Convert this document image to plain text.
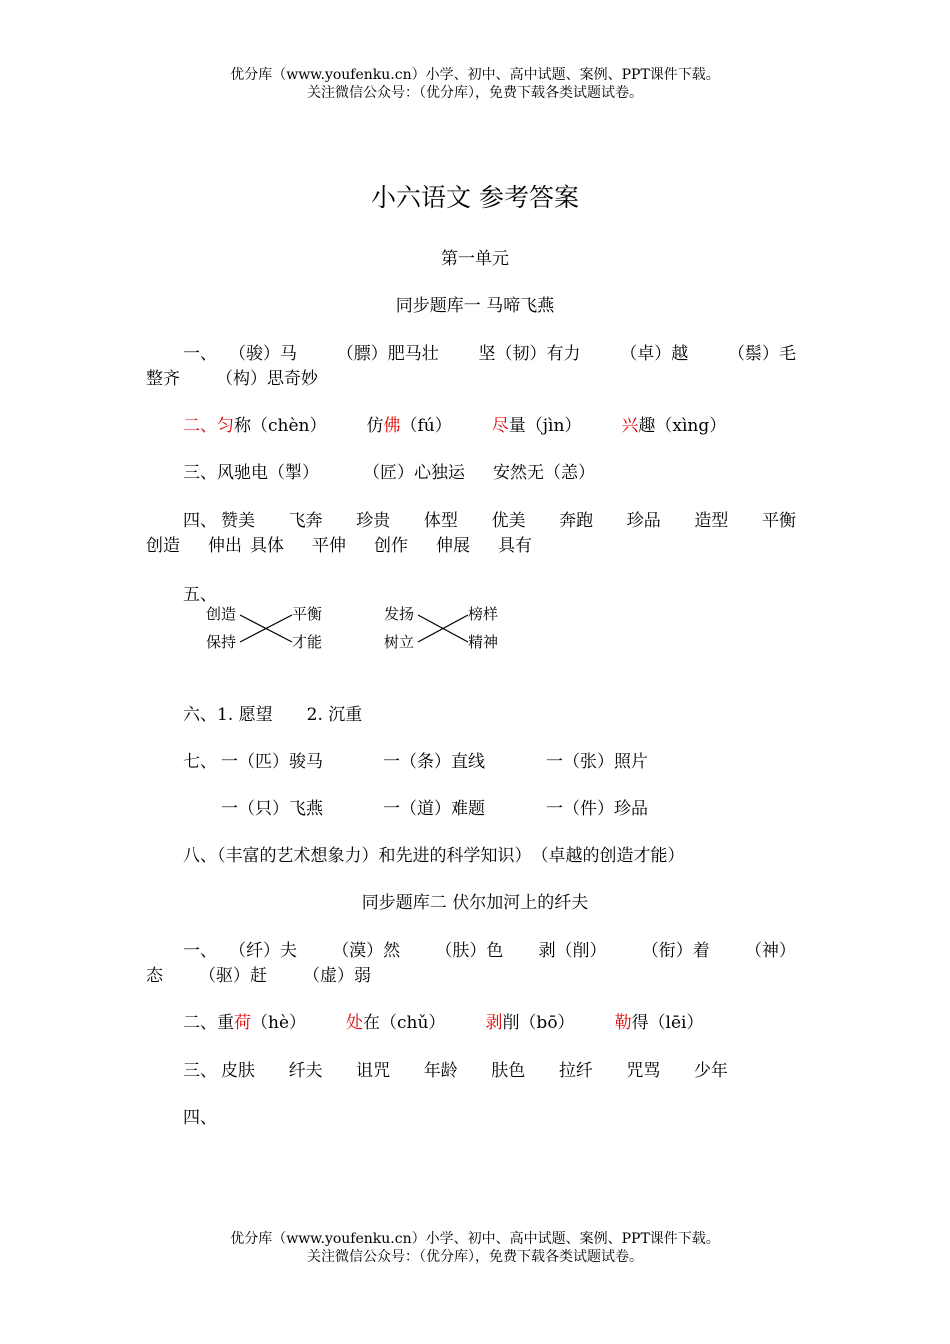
优分库（www.youfenku.cn）小学、初中、高中试题、案例、PPT课件下载。
关注微信公众号：（优分库），免费下载各类试题试卷。
小六语文 参考答案
第一单元
同步题库一 马啼飞燕
一、 （骏）马 （膘）肥马壮 坚（韧）有力 （卓）越 （鬃）毛
整齐 （构）思奇妙
二、匀称（chèn） 仿佛（fú） 尽量（jìn） 兴趣（xìng）
三、风驰电（掣）	（匠）心独运 安然无（恙）
四、 赞美 飞奔 珍贵 体型 优美 奔跑 珍品 造型 平衡
创造 伸出 具体 平伸 创作 伸展 具有
五、
创造
保持
平衡
才能
发扬
树立
榜样
精神
六、1. 愿望　　2. 沉重
七、 一（匹）骏马	一（条）直线	一（张）照片
一（只）飞燕	一（道）难题	一（件）珍品
八、（丰富的艺术想象力）和先进的科学知识）　（卓越的创造才能）
同步题库二 伏尔加河上的纤夫
一、 （纤）夫 （漠）然 （肤）色 剥（削） （衔）着 （神）
态 （驱）赶 （虚）弱
二、重荷（hè） 处在（chǔ） 剥削（bō） 勒得（lēi）
三、 皮肤 纤夫 诅咒 年龄 肤色 拉纤 咒骂 少年
四、
优分库（www.youfenku.cn）小学、初中、高中试题、案例、PPT课件下载。
关注微信公众号：（优分库），免费下载各类试题试卷。
